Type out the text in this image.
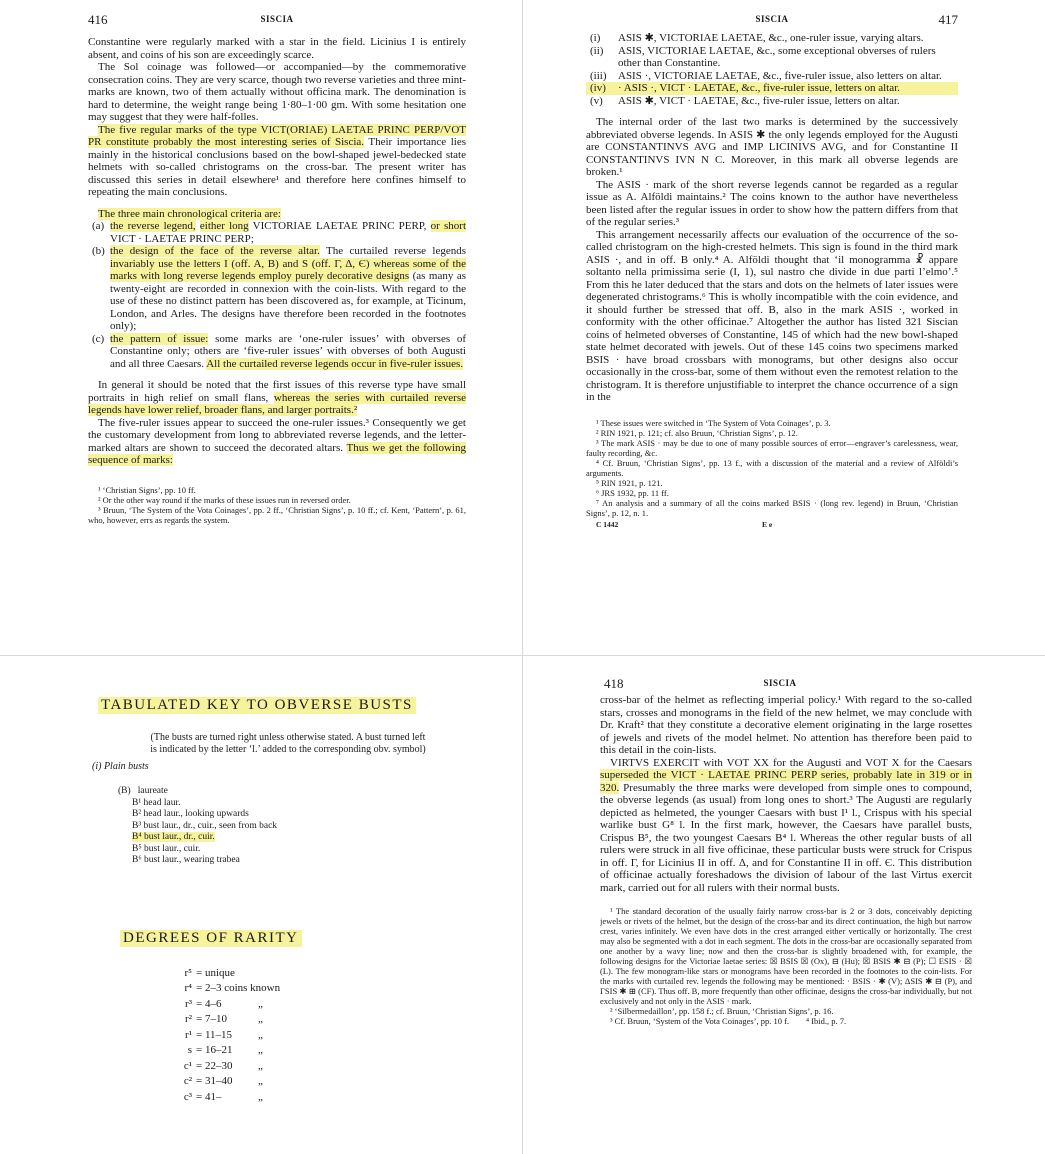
416	SISCIA

Constantine were regularly marked with a star in the field. Licinius I is entirely absent, and coins of his son are exceedingly scarce.

The Sol coinage was followed—or accompanied—by the commemorative consecration coins. They are very scarce, though two reverse varieties and three mint-marks are known, two of them actually without officina mark. The denomination is hard to determine, the weight range being 1·80–1·00 gm. With some hesitation one may suggest that they were half-folles.

The five regular marks of the type VICT(ORIAE) LAETAE PRINC PERP/VOT PR constitute probably the most interesting series of Siscia. Their importance lies mainly in the historical conclusions based on the bowl-shaped jewel-bedecked state helmets with so-called christograms on the cross-bar. The present writer has discussed this series in detail elsewhere¹ and therefore here confines himself to repeating the main conclusions.

The three main chronological criteria are:

(a) the reverse legend, either long VICTORIAE LAETAE PRINC PERP, or short VICT · LAETAE PRINC PERP;
(b) the design of the face of the reverse altar. The curtailed reverse legends invariably use the letters I (off. A, B) and S (off. Γ, Δ, Є) whereas some of the marks with long reverse legends employ purely decorative designs (as many as twenty-eight are recorded in connexion with the coin-lists. With regard to the use of these no distinct pattern has been discovered as, for example, at Ticinum, London, and Arles. The designs have therefore been recorded in the footnotes only);
(c) the pattern of issue: some marks are ‘one-ruler issues’ with obverses of Constantine only; others are ‘five-ruler issues’ with obverses of both Augusti and all three Caesars. All the curtailed reverse legends occur in five-ruler issues.

In general it should be noted that the first issues of this reverse type have small portraits in high relief on small flans, whereas the series with curtailed reverse legends have lower relief, broader flans, and larger portraits.²

The five-ruler issues appear to succeed the one-ruler issues.³ Consequently we get the customary development from long to abbreviated reverse legends, and the letter-marked altars are shown to succeed the decorated altars. Thus we get the following sequence of marks:

¹ ‘Christian Signs’, pp. 10 ff.

² Or the other way round if the marks of these issues run in reversed order.

³ Bruun, ‘The System of the Vota Coinages’, pp. 2 ff., ‘Christian Signs’, p. 10 ff.; cf. Kent, ‘Pattern’, p. 61, who, however, errs as regards the system.

SISCIA	417
(i) ASIS ✱, VICTORIAE LAETAE, &c., one-ruler issue, varying altars.
(ii) ASIS, VICTORIAE LAETAE, &c., some exceptional obverses of rulers other than Constantine.
(iii) ASIS ·, VICTORIAE LAETAE, &c., five-ruler issue, also letters on altar.
(iv) · ASIS ·, VICT · LAETAE, &c., five-ruler issue, letters on altar.
(v) ASIS ✱, VICT · LAETAE, &c., five-ruler issue, letters on altar.

The internal order of the last two marks is determined by the successively abbreviated obverse legends. In ASIS ✱ the only legends employed for the Augusti are CONSTANTINVS AVG and IMP LICINIVS AVG, and for Constantine II CONSTANTINVS IVN N C. Moreover, in this mark all obverse legends are broken.¹

The ASIS · mark of the short reverse legends cannot be regarded as a regular issue as A. Alföldi maintains.² The coins known to the author have nevertheless been listed after the regular issues in order to show how the pattern differs from that of the regular series.³

This arrangement necessarily affects our evaluation of the occurrence of the so-called christogram on the high-crested helmets. This sign is found in the third mark ASIS ·, and in off. B only.⁴ A. Alföldi thought that ‘il monogramma ☧ appare soltanto nella primissima serie (I, 1), sul nastro che divide in due parti l’elmo’.⁵ From this he later deduced that the stars and dots on the helmets of later issues were degenerated christograms.⁶ This is wholly incompatible with the coin evidence, and it should further be stressed that off. B, also in the mark ASIS ·, worked in conformity with the other officinae.⁷ Altogether the author has listed 321 Siscian coins of helmeted obverses of Constantine, 145 of which had the new bowl-shaped state helmet decorated with jewels. Out of these 145 coins two specimens marked BSIS · have broad crossbars with monograms, but other designs also occur occasionally in the cross-bar, some of them without even the remotest relation to the christogram. It is therefore unjustifiable to interpret the chance occurrence of a sign in the

¹ These issues were switched in ‘The System of Vota Coinages’, p. 3.

² RIN 1921, p. 121; cf. also Bruun, ‘Christian Signs’, p. 12.

³ The mark ASIS · may be due to one of many possible sources of error—engraver’s carelessness, wear, faulty recording, &c.

⁴ Cf. Bruun, ‘Christian Signs’, pp. 13 f., with a discussion of the material and a review of Alföldi’s arguments.

⁵ RIN 1921, p. 121.

⁶ JRS 1932, pp. 11 ff.

⁷ An analysis and a summary of all the coins marked BSIS · (long rev. legend) in Bruun, ‘Christian Signs’, p. 12, n. 1.

C 1442	E e
TABULATED KEY TO OBVERSE BUSTS
(The busts are turned right unless otherwise stated. A bust turned left is indicated by the letter ‘l.’ added to the corresponding obv. symbol)
(i) Plain busts
(B) laureate
B¹ head laur.
B² head laur., looking upwards
B³ bust laur., dr., cuir., seen from back
B⁴ bust laur., dr., cuir.
B⁵ bust laur., cuir.
B⁶ bust laur., wearing trabea
DEGREES OF RARITY
r⁵ = unique
r⁴ = 2–3 coins known
r³ = 4–6	„
r² = 7–10	„
r¹ = 11–15 „
s = 16–21 „
c¹ = 22–30 „
c² = 31–40 „
c³ = 41–	„
418	SISCIA

cross-bar of the helmet as reflecting imperial policy.¹ With regard to the so-called stars, crosses and monograms in the field of the new helmet, we may conclude with Dr. Kraft² that they constitute a decorative element originating in the large rosettes of jewels and rivets of the model helmet. No attention has therefore been paid to this detail in the coin-lists.

VIRTVS EXERCIT with VOT XX for the Augusti and VOT X for the Caesars superseded the VICT · LAETAE PRINC PERP series, probably late in 319 or in 320. Presumably the three marks were developed from simple ones to compound, the obverse legends (as usual) from long ones to short.³ The Augusti are regularly depicted as helmeted, the younger Caesars with bust I¹ l., Crispus with his special warlike bust G⁸ l. In the first mark, however, the Caesars have parallel busts, Crispus B⁵, the two youngest Caesars B⁴ l. Whereas the other regular busts of all rulers were struck in all five officinae, these particular busts were struck for Crispus in off. Γ, for Licinius II in off. Δ, and for Constantine II in off. Є. This distribution of officinae actually foreshadows the division of labour of the last Virtus exercit mark, carried out for all rulers with their normal busts.

¹ The standard decoration of the usually fairly narrow cross-bar is 2 or 3 dots, conceivably depicting jewels or rivets of the helmet, but the design of the cross-bar and its direct continuation, the high but narrow crest, varies infinitely. We even have dots in the crest arranged either vertically or horizontally. The crest may also be segmented with a dot in each segment. The dots in the cross-bar are occasionally separated from one another by a wavy line; now and then the cross-bar is slightly broadened with, for example, the following designs for the Victoriae laetae series: ☒ BSIS ☒ (Ox), ⊟ (Hu); ☒ BSIS ✱ ⊟ (P); ☐ ESIS · ☒ (L). The few monogram-like stars or monograms have been recorded in the footnotes to the coin-lists. For the marks with curtailed rev. legends the following may be mentioned: · BSIS · ✱ (V); ΔSIS ✱ ⊟ (P), and ΓSIS ✱ ⊞ (CF). Thus off. B, more frequently than other officinae, designs the cross-bar individually, but not exclusively and not only in the ASIS · mark.

² ‘Silbermedaillon’, pp. 158 f.; cf. Bruun, ‘Christian Signs’, p. 16.

³ Cf. Bruun, ‘System of the Vota Coinages’, pp. 10 f. ⁴ Ibid., p. 7.
